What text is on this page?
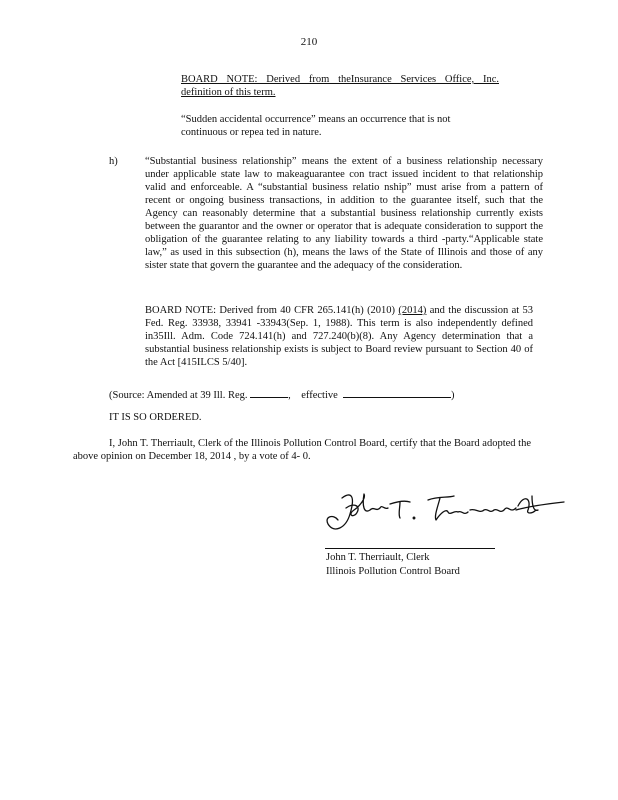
210
BOARD NOTE: Derived from theInsurance Services Office, Inc. definition of this term.
“Sudden accidental occurrence” means an occurrence that is not continuous or repea ted in nature.
h)	“Substantial business relationship” means the extent of a business relationship necessary under applicable state law to makeaguarantee con tract issued incident to that relationship valid and enforceable. A “substantial business relatio nship” must arise from a pattern of recent or ongoing business transactions, in addition to the guarantee itself, such that the Agency can reasonably determine that a substantial business relationship currently exists between the guarantor and the owner or operator that is adequate consideration to support the obligation of the guarantee relating to any liability towards a third -party.“Applicable state law,” as used in this subsection (h), means the laws of the State of Illinois and those of any sister state that govern the guarantee and the adequacy of the consideration.
BOARD NOTE: Derived from 40 CFR 265.141(h) (2010) (2014) and the discussion at 53 Fed. Reg. 33938, 33941 -33943(Sep. 1, 1988). This term is also independently defined in35Ill. Adm. Code 724.141(h) and 727.240(b)(8). Any Agency determination that a substantial business relationship exists is subject to Board review pursuant to Section 40 of the Act [415ILCS 5/40].
(Source: Amended at 39 Ill. Reg.	, effective	)
IT IS SO ORDERED.
I, John T. Therriault, Clerk of the Illinois Pollution Control Board, certify that the Board adopted the above opinion on December 18, 2014 , by a vote of 4- 0.
John T. Therriault, Clerk
Illinois Pollution Control Board
